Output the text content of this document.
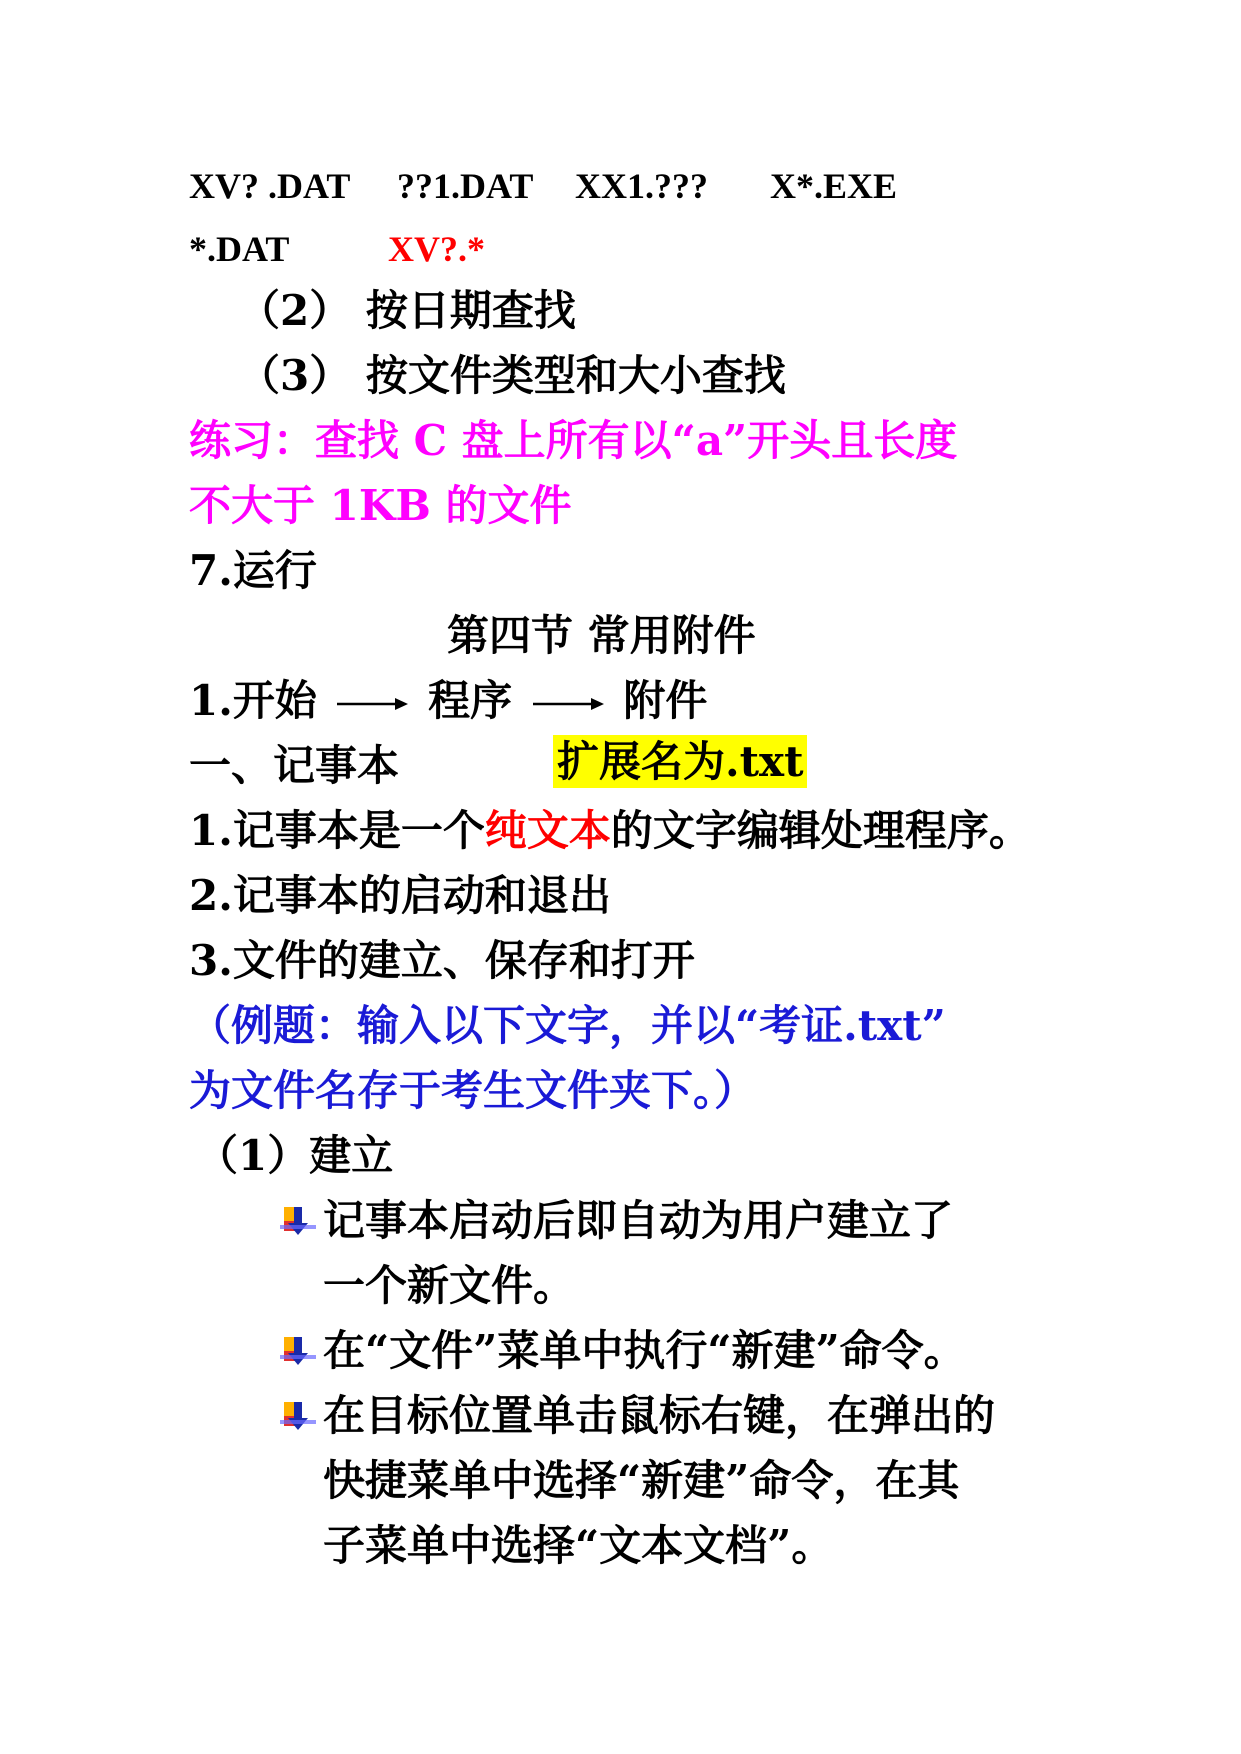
XV? .DAT ??1.DAT XX1.??? X*.EXE
*.DAT	XV?.*
（2） 按日期查找
（3） 按文件类型和大小查找
练习：查找 C 盘上所有以“a”开头且长度
不大于 1KB 的文件
7.运行
第四节 常用附件
1.开始	程序	附件
一、记事本	扩展名为.txt
1.记事本是一个纯文本的文字编辑处理程序。
2.记事本的启动和退出
3.文件的建立、保存和打开
（例题：输入以下文字，并以“考证.txt”
为文件名存于考生文件夹下。）
（1）建立
记事本启动后即自动为用户建立了
一个新文件。
在“文件”菜单中执行“新建”命令。
在目标位置单击鼠标右键，在弹出的
快捷菜单中选择“新建”命令，在其
子菜单中选择“文本文档”。
